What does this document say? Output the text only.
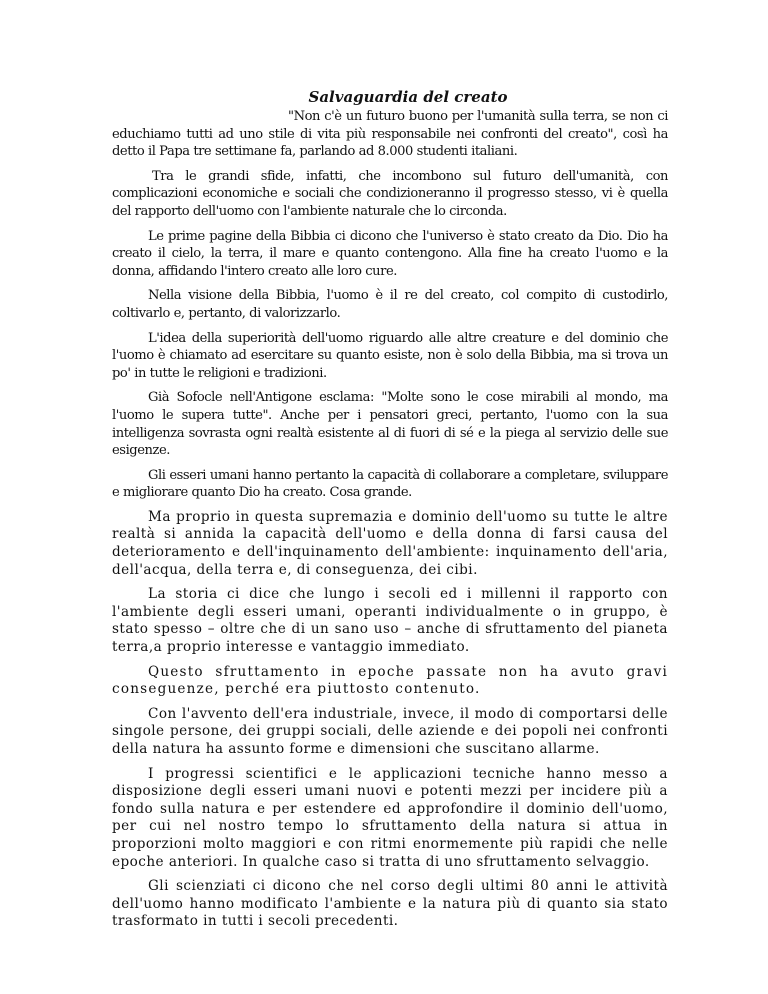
Salvaguardia del creato

"Non c'è un futuro buono per l'umanità sulla terra, se non ci educhiamo tutti ad uno stile di vita più responsabile nei confronti del creato", così ha detto il Papa tre settimane fa, parlando ad 8.000 studenti italiani.

Tra le grandi sfide, infatti, che incombono sul futuro dell'umanità, con complicazioni economiche e sociali che condizioneranno il progresso stesso, vi è quella del rapporto dell'uomo con l'ambiente naturale che lo circonda.

Le prime pagine della Bibbia ci dicono che l'universo è stato creato da Dio. Dio ha creato il cielo, la terra, il mare e quanto contengono. Alla fine ha creato l'uomo e la donna, affidando l'intero creato alle loro cure.

Nella visione della Bibbia, l'uomo è il re del creato, col compito di custodirlo, coltivarlo e, pertanto, di valorizzarlo.

L'idea della superiorità dell'uomo riguardo alle altre creature e del dominio che l'uomo è chiamato ad esercitare su quanto esiste, non è solo della Bibbia, ma si trova un po' in tutte le religioni e tradizioni.

Già Sofocle nell'Antigone esclama: "Molte sono le cose mirabili al mondo, ma l'uomo le supera tutte". Anche per i pensatori greci, pertanto, l'uomo con la sua intelligenza sovrasta ogni realtà esistente al di fuori di sé e la piega al servizio delle sue esigenze.

Gli esseri umani hanno pertanto la capacità di collaborare a completare, sviluppare e migliorare quanto Dio ha creato. Cosa grande.

Ma proprio in questa supremazia e dominio dell'uomo su tutte le altre realtà si annida la capacità dell'uomo e della donna di farsi causa del deterioramento e dell'inquinamento dell'ambiente: inquinamento dell'aria, dell'acqua, della terra e, di conseguenza, dei cibi.

La storia ci dice che lungo i secoli ed i millenni il rapporto con l'ambiente degli esseri umani, operanti individualmente o in gruppo, è stato spesso – oltre che di un sano uso – anche di sfruttamento del pianeta terra,a proprio interesse e vantaggio immediato.

Questo sfruttamento in epoche passate non ha avuto gravi conseguenze, perché era piuttosto contenuto.

Con l'avvento dell'era industriale, invece, il modo di comportarsi delle singole persone, dei gruppi sociali, delle aziende e dei popoli nei confronti della natura ha assunto forme e dimensioni che suscitano allarme.

I progressi scientifici e le applicazioni tecniche hanno messo a disposizione degli esseri umani nuovi e potenti mezzi per incidere più a fondo sulla natura e per estendere ed approfondire il dominio dell'uomo, per cui nel nostro tempo lo sfruttamento della natura si attua in proporzioni molto maggiori e con ritmi enormemente più rapidi che nelle epoche anteriori. In qualche caso si tratta di uno sfruttamento selvaggio.

Gli scienziati ci dicono che nel corso degli ultimi 80 anni le attività dell'uomo hanno modificato l'ambiente e la natura più di quanto sia stato trasformato in tutti i secoli precedenti.
